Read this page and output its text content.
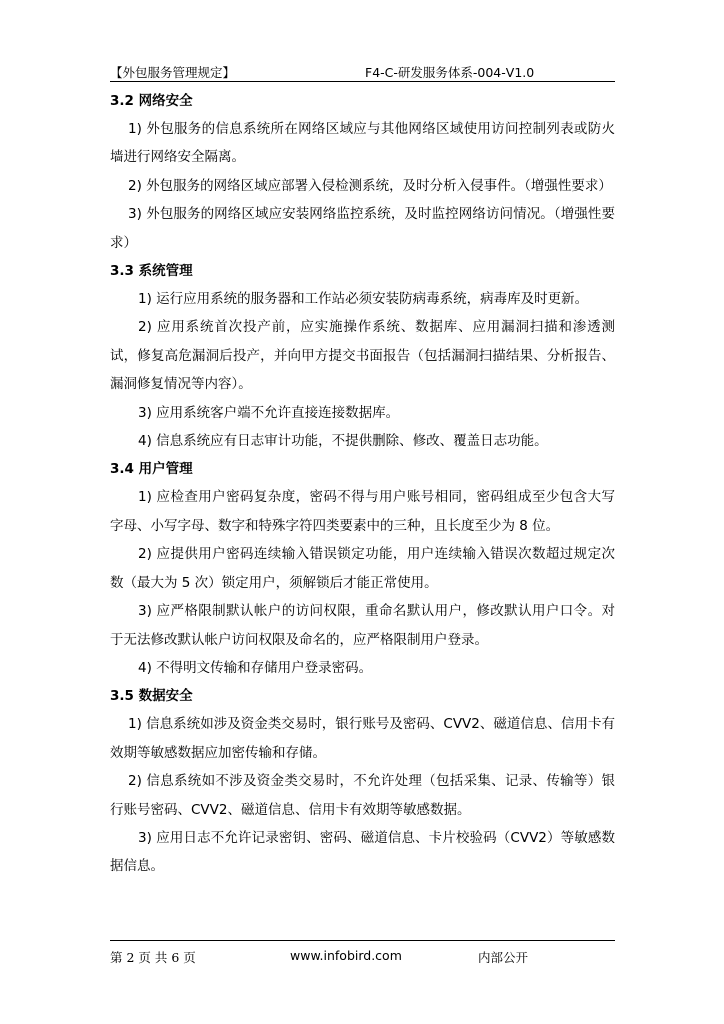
【外包服务管理规定】	F4-C-研发服务体系-004-V1.0
3.2 网络安全

1) 外包服务的信息系统所在网络区域应与其他网络区域使用访问控制列表或防火墙进行网络安全隔离。

2) 外包服务的网络区域应部署入侵检测系统，及时分析入侵事件。（增强性要求）

3) 外包服务的网络区域应安装网络监控系统，及时监控网络访问情况。（增强性要求）

3.3 系统管理

1) 运行应用系统的服务器和工作站必须安装防病毒系统，病毒库及时更新。

2) 应用系统首次投产前，应实施操作系统、数据库、应用漏洞扫描和渗透测试，修复高危漏洞后投产，并向甲方提交书面报告（包括漏洞扫描结果、分析报告、漏洞修复情况等内容）。

3) 应用系统客户端不允许直接连接数据库。

4) 信息系统应有日志审计功能，不提供删除、修改、覆盖日志功能。

3.4 用户管理

1) 应检查用户密码复杂度，密码不得与用户账号相同，密码组成至少包含大写字母、小写字母、数字和特殊字符四类要素中的三种，且长度至少为 8 位。

2) 应提供用户密码连续输入错误锁定功能，用户连续输入错误次数超过规定次数（最大为 5 次）锁定用户，须解锁后才能正常使用。

3) 应严格限制默认帐户的访问权限，重命名默认用户，修改默认用户口令。对于无法修改默认帐户访问权限及命名的，应严格限制用户登录。

4) 不得明文传输和存储用户登录密码。

3.5 数据安全

1) 信息系统如涉及资金类交易时，银行账号及密码、CVV2、磁道信息、信用卡有效期等敏感数据应加密传输和存储。

2) 信息系统如不涉及资金类交易时，不允许处理（包括采集、记录、传输等）银行账号密码、CVV2、磁道信息、信用卡有效期等敏感数据。

3) 应用日志不允许记录密钥、密码、磁道信息、卡片校验码（CVV2）等敏感数据信息。

第 2 页 共 6 页	www.infobird.com	内部公开
